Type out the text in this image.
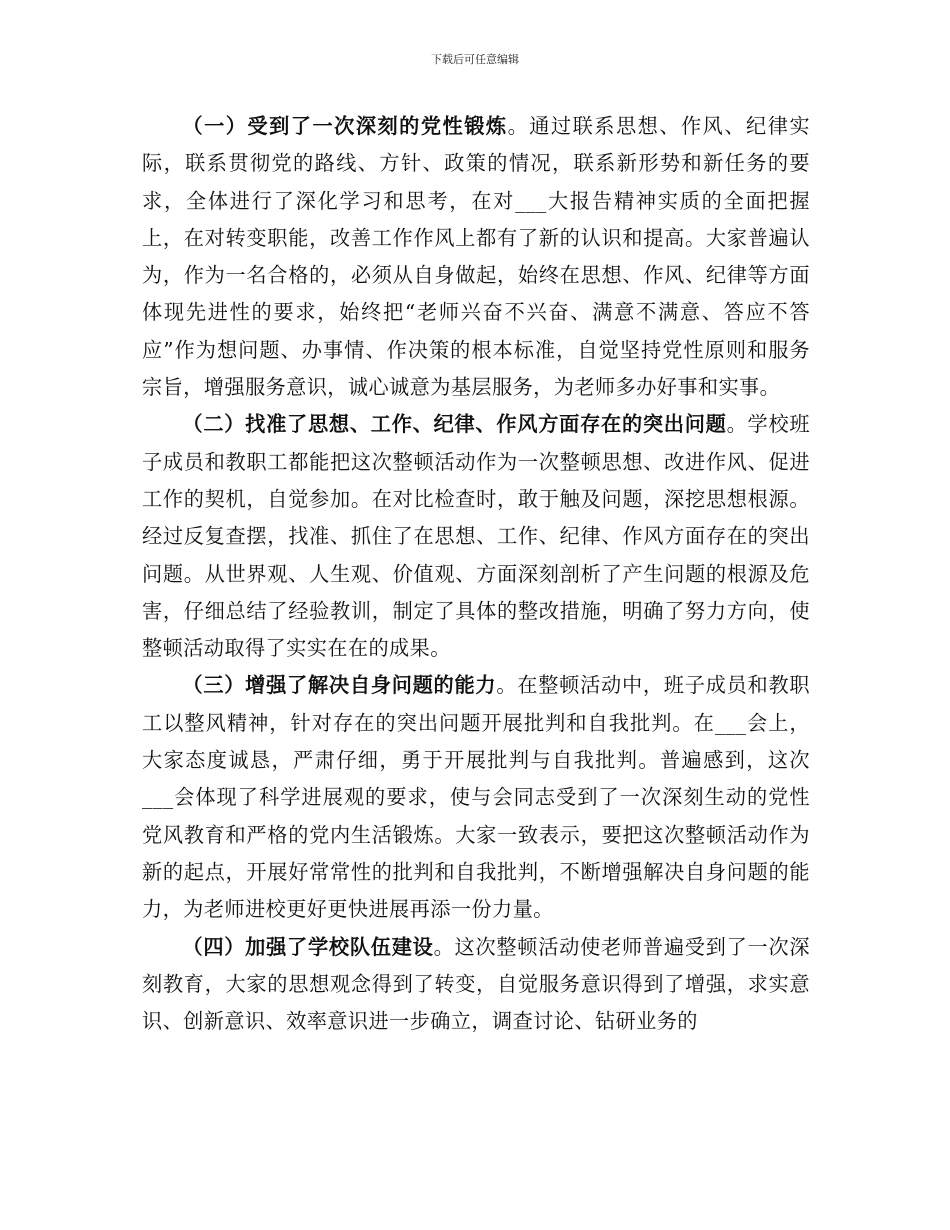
下载后可任意编辑

（一）受到了一次深刻的党性锻炼。通过联系思想、作风、纪律实际，联系贯彻党的路线、方针、政策的情况，联系新形势和新任务的要求，全体进行了深化学习和思考，在对___大报告精神实质的全面把握上，在对转变职能，改善工作作风上都有了新的认识和提高。大家普遍认为，作为一名合格的，必须从自身做起，始终在思想、作风、纪律等方面体现先进性的要求，始终把“老师兴奋不兴奋、满意不满意、答应不答应”作为想问题、办事情、作决策的根本标准，自觉坚持党性原则和服务宗旨，增强服务意识，诚心诚意为基层服务，为老师多办好事和实事。

（二）找准了思想、工作、纪律、作风方面存在的突出问题。学校班子成员和教职工都能把这次整顿活动作为一次整顿思想、改进作风、促进工作的契机，自觉参加。在对比检查时，敢于触及问题，深挖思想根源。经过反复查摆，找准、抓住了在思想、工作、纪律、作风方面存在的突出问题。从世界观、人生观、价值观、方面深刻剖析了产生问题的根源及危害，仔细总结了经验教训，制定了具体的整改措施，明确了努力方向，使整顿活动取得了实实在在的成果。

（三）增强了解决自身问题的能力。在整顿活动中，班子成员和教职工以整风精神，针对存在的突出问题开展批判和自我批判。在___会上，大家态度诚恳，严肃仔细，勇于开展批判与自我批判。普遍感到，这次___会体现了科学进展观的要求，使与会同志受到了一次深刻生动的党性党风教育和严格的党内生活锻炼。大家一致表示，要把这次整顿活动作为新的起点，开展好常常性的批判和自我批判，不断增强解决自身问题的能力，为老师进校更好更快进展再添一份力量。

（四）加强了学校队伍建设。这次整顿活动使老师普遍受到了一次深刻教育，大家的思想观念得到了转变，自觉服务意识得到了增强，求实意识、创新意识、效率意识进一步确立，调查讨论、钻研业务的
